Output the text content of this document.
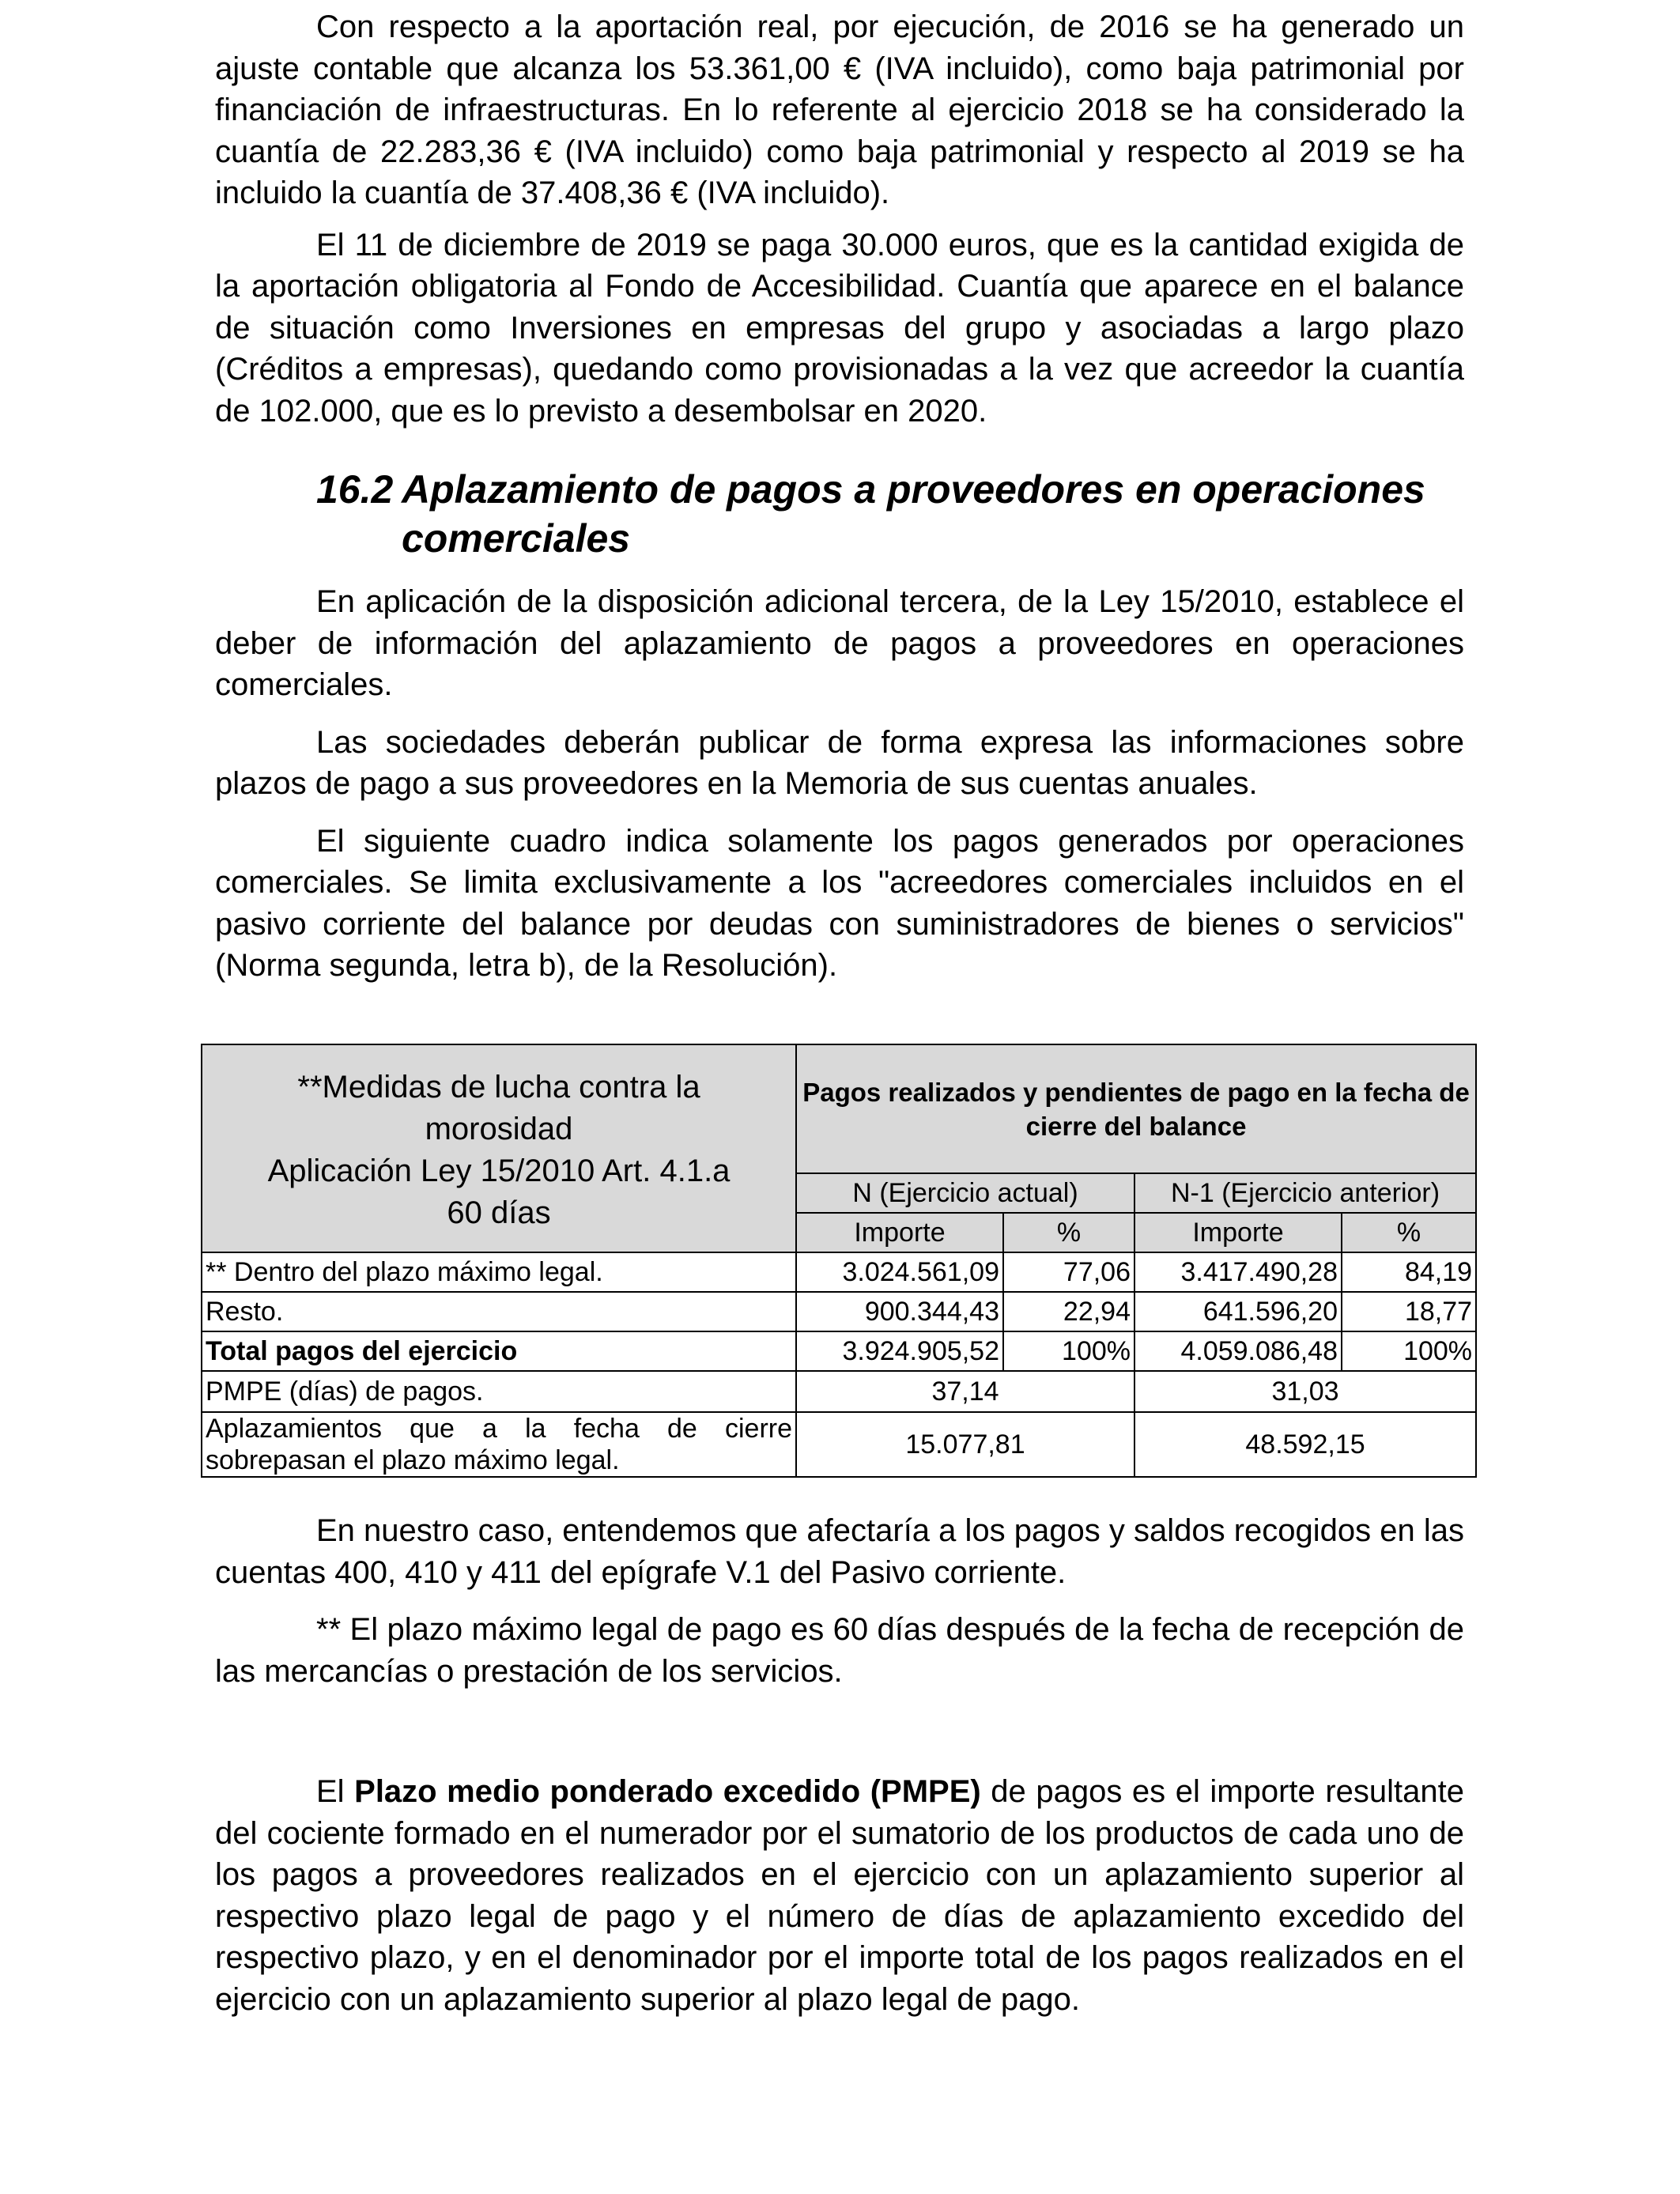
Con respecto a la aportación real, por ejecución, de 2016 se ha generado un ajuste contable que alcanza los 53.361,00 € (IVA incluido), como baja patrimonial por financiación de infraestructuras. En lo referente al ejercicio 2018 se ha considerado la cuantía de 22.283,36 € (IVA incluido) como baja patrimonial y respecto al 2019 se ha incluido la cuantía de 37.408,36 € (IVA incluido).

El 11 de diciembre de 2019 se paga 30.000 euros, que es la cantidad exigida de la aportación obligatoria al Fondo de Accesibilidad. Cuantía que aparece en el balance de situación como Inversiones en empresas del grupo y asociadas a largo plazo (Créditos a empresas), quedando como provisionadas a la vez que acreedor la cuantía de 102.000, que es lo previsto a desembolsar en 2020.

16.2 Aplazamiento de pagos a proveedores en operaciones
comerciales

En aplicación de la disposición adicional tercera, de la Ley 15/2010, establece el deber de información del aplazamiento de pagos a proveedores en operaciones comerciales.

Las sociedades deberán publicar de forma expresa las informaciones sobre plazos de pago a sus proveedores en la Memoria de sus cuentas anuales.

El siguiente cuadro indica solamente los pagos generados por operaciones comerciales. Se limita exclusivamente a los "acreedores comerciales incluidos en el pasivo corriente del balance por deudas con suministradores de bienes o servicios" (Norma segunda, letra b), de la Resolución).

**Medidas de lucha contra la
morosidad
Aplicación Ley 15/2010 Art. 4.1.a
60 días	Pagos realizados y pendientes de pago en la fecha de cierre del balance			
	N (Ejercicio actual)		N-1 (Ejercicio anterior)	
	Importe	%	Importe	%
** Dentro del plazo máximo legal.	3.024.561,09	77,06	3.417.490,28	84,19
Resto.	900.344,43	22,94	641.596,20	18,77
Total pagos del ejercicio	3.924.905,52	100%	4.059.086,48	100%
PMPE (días) de pagos.	37,14		31,03	
Aplazamientos que a la fecha de cierre sobrepasan el plazo máximo legal.	15.077,81		48.592,15	

En nuestro caso, entendemos que afectaría a los pagos y saldos recogidos en las cuentas 400, 410 y 411 del epígrafe V.1 del Pasivo corriente.

** El plazo máximo legal de pago es 60 días después de la fecha de recepción de las mercancías o prestación de los servicios.

El Plazo medio ponderado excedido (PMPE) de pagos es el importe resultante del cociente formado en el numerador por el sumatorio de los productos de cada uno de los pagos a proveedores realizados en el ejercicio con un aplazamiento superior al respectivo plazo legal de pago y el número de días de aplazamiento excedido del respectivo plazo, y en el denominador por el importe total de los pagos realizados en el ejercicio con un aplazamiento superior al plazo legal de pago.
